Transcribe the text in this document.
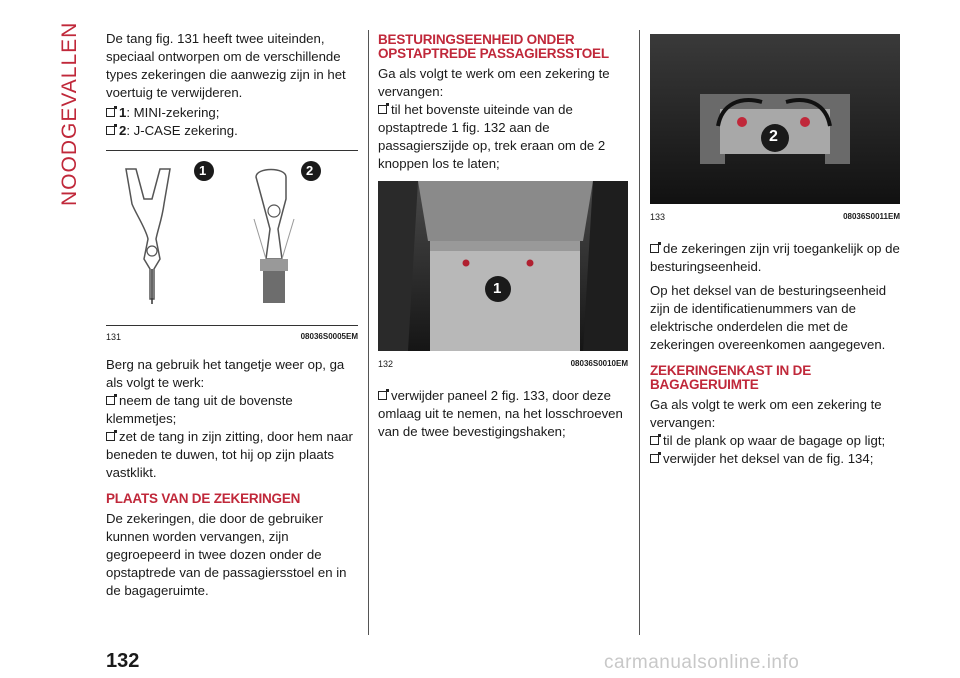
NOODGEVALLEN De tang fig. 131 heeft twee uiteinden, speciaal ontworpen om de verschillende types zekeringen die aanwezig zijn in het voertuig te verwijderen.

1: MINI-zekering;
2: J-CASE zekering.
1	2
131	08036S0005EM

Berg na gebruik het tangetje weer op, ga als volgt te werk:

neem de tang uit de bovenste klemmetjes;
zet de tang in zijn zitting, door hem naar beneden te duwen, tot hij op zijn plaats vastklikt.
PLAATS VAN DE ZEKERINGEN

De zekeringen, die door de gebruiker kunnen worden vervangen, zijn gegroepeerd in twee dozen onder de opstaptrede van de passagiersstoel en in de bagageruimte.

BESTURINGSEENHEID ONDER OPSTAPTREDE PASSAGIERSSTOEL

Ga als volgt te werk om een zekering te vervangen:

til het bovenste uiteinde van de opstaptrede 1 fig. 132 aan de passagierszijde op, trek eraan om de 2 knoppen los te laten;
1
132	08036S0010EM
verwijder paneel 2 fig. 133, door deze omlaag uit te nemen, na het losschroeven van de twee bevestigingshaken;
2
133	08036S0011EM
de zekeringen zijn vrij toegankelijk op de besturingseenheid.

Op het deksel van de besturingseenheid zijn de identificatienummers van de elektrische onderdelen die met de zekeringen overeenkomen aangegeven.

ZEKERINGENKAST IN DE BAGAGERUIMTE

Ga als volgt te werk om een zekering te vervangen:

til de plank op waar de bagage op ligt;
verwijder het deksel van de fig. 134;
132	carmanualsonline.info
